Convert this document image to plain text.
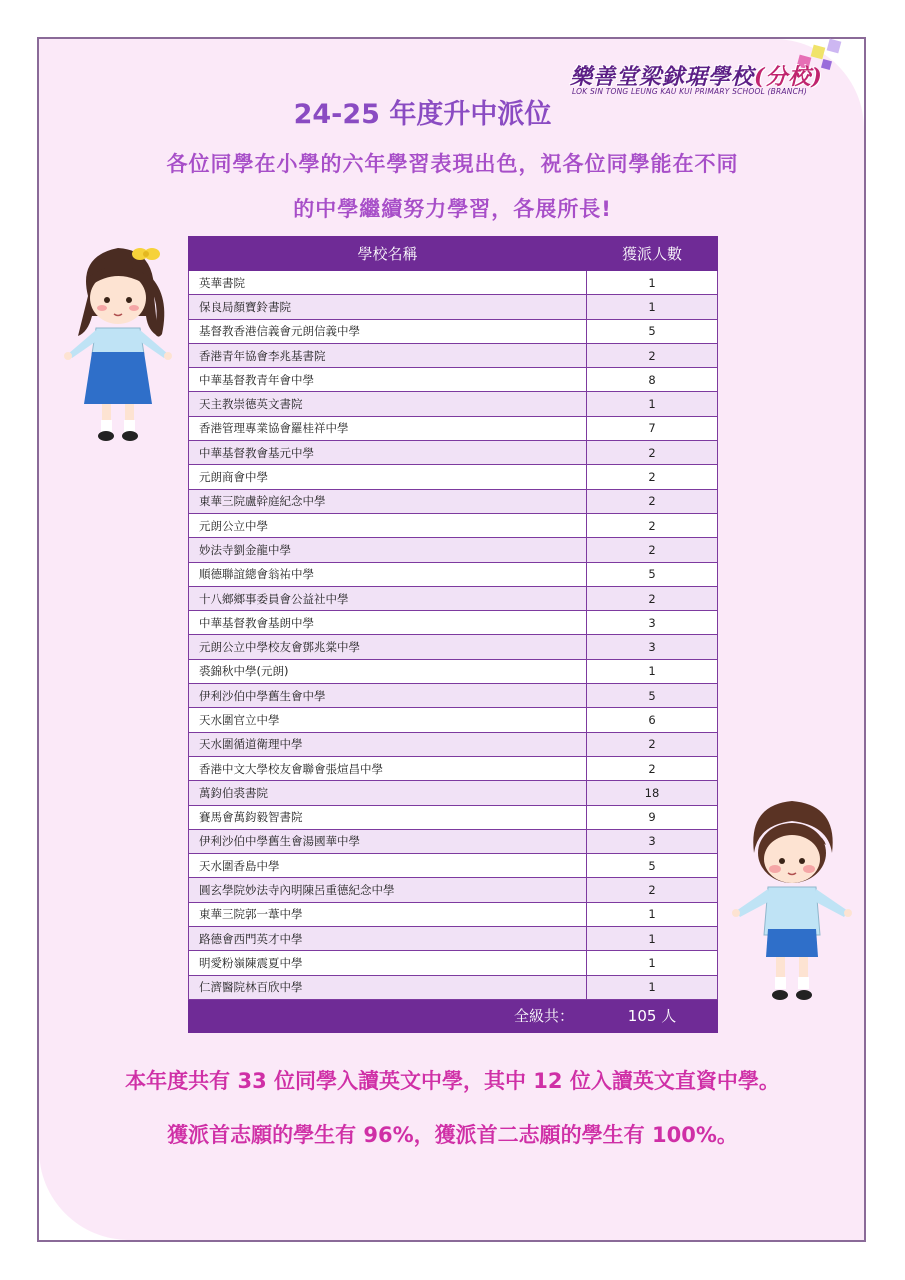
樂善堂梁銶琚學校(分校)
LOK SIN TONG LEUNG KAU KUI PRIMARY SCHOOL (BRANCH)
24-25 年度升中派位
各位同學在小學的六年學習表現出色，祝各位同學能在不同
的中學繼續努力學習，各展所長!
學校名稱	獲派人數
英華書院	1
保良局顏寶鈴書院	1
基督教香港信義會元朗信義中學	5
香港青年協會李兆基書院	2
中華基督教青年會中學	8
天主教崇德英文書院	1
香港管理專業協會羅桂祥中學	7
中華基督教會基元中學	2
元朗商會中學	2
東華三院盧幹庭紀念中學	2
元朗公立中學	2
妙法寺劉金龍中學	2
順德聯誼總會翁祐中學	5
十八鄉鄉事委員會公益社中學	2
中華基督教會基朗中學	3
元朗公立中學校友會鄧兆棠中學	3
裘錦秋中學(元朗)	1
伊利沙伯中學舊生會中學	5
天水圍官立中學	6
天水圍循道衛理中學	2
香港中文大學校友會聯會張煊昌中學	2
萬鈞伯裘書院	18
賽馬會萬鈞毅智書院	9
伊利沙伯中學舊生會湯國華中學	3
天水圍香島中學	5
圓玄學院妙法寺內明陳呂重德紀念中學	2
東華三院郭一葦中學	1
路德會西門英才中學	1
明愛粉嶺陳震夏中學	1
仁濟醫院林百欣中學	1
全級共：	105 人
本年度共有 33 位同學入讀英文中學，其中 12 位入讀英文直資中學。
獲派首志願的學生有 96%，獲派首二志願的學生有 100%。
